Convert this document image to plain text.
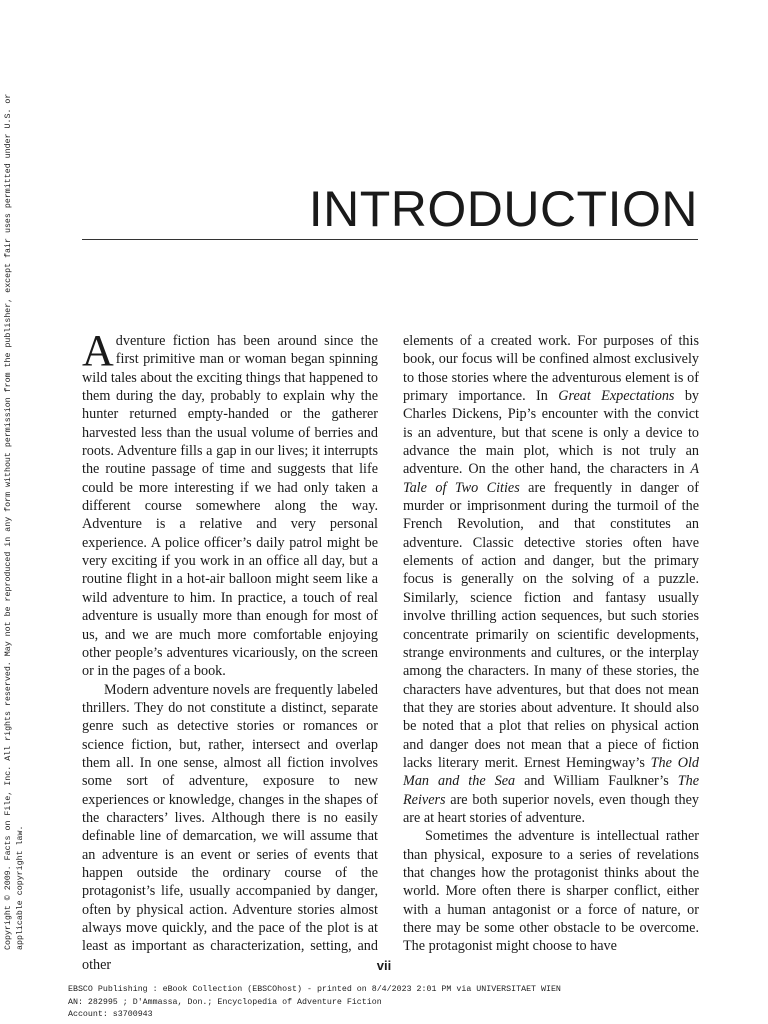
Copyright © 2009. Facts on File, Inc. All rights reserved. May not be reproduced in any form without permission from the publisher, except fair uses permitted under U.S. or applicable copyright law.
INTRODUCTION

Adventure fiction has been around since the first primitive man or woman began spinning wild tales about the exciting things that happened to them during the day, probably to explain why the hunter returned empty-handed or the gatherer harvested less than the usual volume of berries and roots. Adventure fills a gap in our lives; it interrupts the routine passage of time and suggests that life could be more interesting if we had only taken a different course somewhere along the way. Adventure is a relative and very personal experience. A police officer’s daily patrol might be very exciting if you work in an office all day, but a routine flight in a hot-air balloon might seem like a wild adventure to him. In practice, a touch of real adventure is usually more than enough for most of us, and we are much more comfortable enjoying other people’s adventures vicariously, on the screen or in the pages of a book.

Modern adventure novels are frequently labeled thrillers. They do not constitute a distinct, separate genre such as detective stories or romances or science fiction, but, rather, intersect and overlap them all. In one sense, almost all fiction involves some sort of adventure, exposure to new experiences or knowledge, changes in the shapes of the characters’ lives. Although there is no easily definable line of demarcation, we will assume that an adventure is an event or series of events that happen outside the ordinary course of the protagonist’s life, usually accompanied by danger, often by physical action. Adventure stories almost always move quickly, and the pace of the plot is at least as important as characterization, setting, and other

elements of a created work. For purposes of this book, our focus will be confined almost exclusively to those stories where the adventurous element is of primary importance. In Great Expectations by Charles Dickens, Pip’s encounter with the convict is an adventure, but that scene is only a device to advance the main plot, which is not truly an adventure. On the other hand, the characters in A Tale of Two Cities are frequently in danger of murder or imprisonment during the turmoil of the French Revolution, and that constitutes an adventure. Classic detective stories often have elements of action and danger, but the primary focus is generally on the solving of a puzzle. Similarly, science fiction and fantasy usually involve thrilling action sequences, but such stories concentrate primarily on scientific developments, strange environments and cultures, or the interplay among the characters. In many of these stories, the characters have adventures, but that does not mean that they are stories about adventure. It should also be noted that a plot that relies on physical action and danger does not mean that a piece of fiction lacks literary merit. Ernest Hemingway’s The Old Man and the Sea and William Faulkner’s The Reivers are both superior novels, even though they are at heart stories of adventure.

Sometimes the adventure is intellectual rather than physical, exposure to a series of revelations that changes how the protagonist thinks about the world. More often there is sharper conflict, either with a human antagonist or a force of nature, or there may be some other obstacle to be overcome. The protagonist might choose to have

vii
EBSCO Publishing : eBook Collection (EBSCOhost) - printed on 8/4/2023 2:01 PM via UNIVERSITAET WIEN
AN: 282995 ; D'Ammassa, Don.; Encyclopedia of Adventure Fiction
Account: s3700943
